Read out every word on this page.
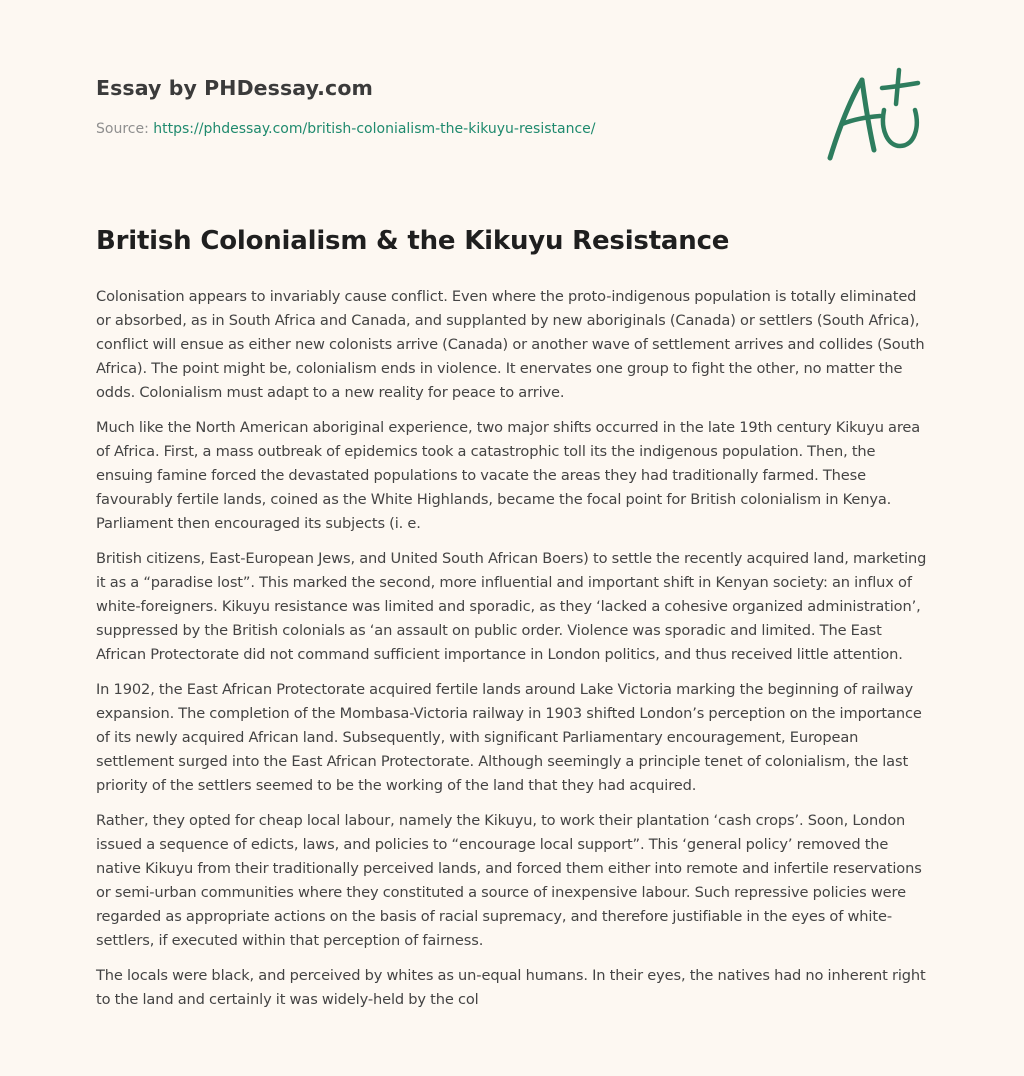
Essay by PHDessay.com
Source: https://phdessay.com/british-colonialism-the-kikuyu-resistance/
British Colonialism & the Kikuyu Resistance

Colonisation appears to invariably cause conflict. Even where the proto-indigenous population is totally eliminated or absorbed, as in South Africa and Canada, and supplanted by new aboriginals (Canada) or settlers (South Africa), conflict will ensue as either new colonists arrive (Canada) or another wave of settlement arrives and collides (South Africa). The point might be, colonialism ends in violence. It enervates one group to fight the other, no matter the odds. Colonialism must adapt to a new reality for peace to arrive.

Much like the North American aboriginal experience, two major shifts occurred in the late 19th century Kikuyu area of Africa. First, a mass outbreak of epidemics took a catastrophic toll its the indigenous population. Then, the ensuing famine forced the devastated populations to vacate the areas they had traditionally farmed. These favourably fertile lands, coined as the White Highlands, became the focal point for British colonialism in Kenya. Parliament then encouraged its subjects (i. e.

British citizens, East-European Jews, and United South African Boers) to settle the recently acquired land, marketing it as a “paradise lost”. This marked the second, more influential and important shift in Kenyan society: an influx of white-foreigners. Kikuyu resistance was limited and sporadic, as they ‘lacked a cohesive organized administration’, suppressed by the British colonials as ‘an assault on public order. Violence was sporadic and limited. The East African Protectorate did not command sufficient importance in London politics, and thus received little attention.

In 1902, the East African Protectorate acquired fertile lands around Lake Victoria marking the beginning of railway expansion. The completion of the Mombasa-Victoria railway in 1903 shifted London’s perception on the importance of its newly acquired African land. Subsequently, with significant Parliamentary encouragement, European settlement surged into the East African Protectorate. Although seemingly a principle tenet of colonialism, the last priority of the settlers seemed to be the working of the land that they had acquired.

Rather, they opted for cheap local labour, namely the Kikuyu, to work their plantation ‘cash crops’. Soon, London issued a sequence of edicts, laws, and policies to “encourage local support”. This ‘general policy’ removed the native Kikuyu from their traditionally perceived lands, and forced them either into remote and infertile reservations or semi-urban communities where they constituted a source of inexpensive labour. Such repressive policies were regarded as appropriate actions on the basis of racial supremacy, and therefore justifiable in the eyes of white-settlers, if executed within that perception of fairness.

The locals were black, and perceived by whites as un-equal humans. In their eyes, the natives had no inherent right to the land and certainly it was widely-held by the col
